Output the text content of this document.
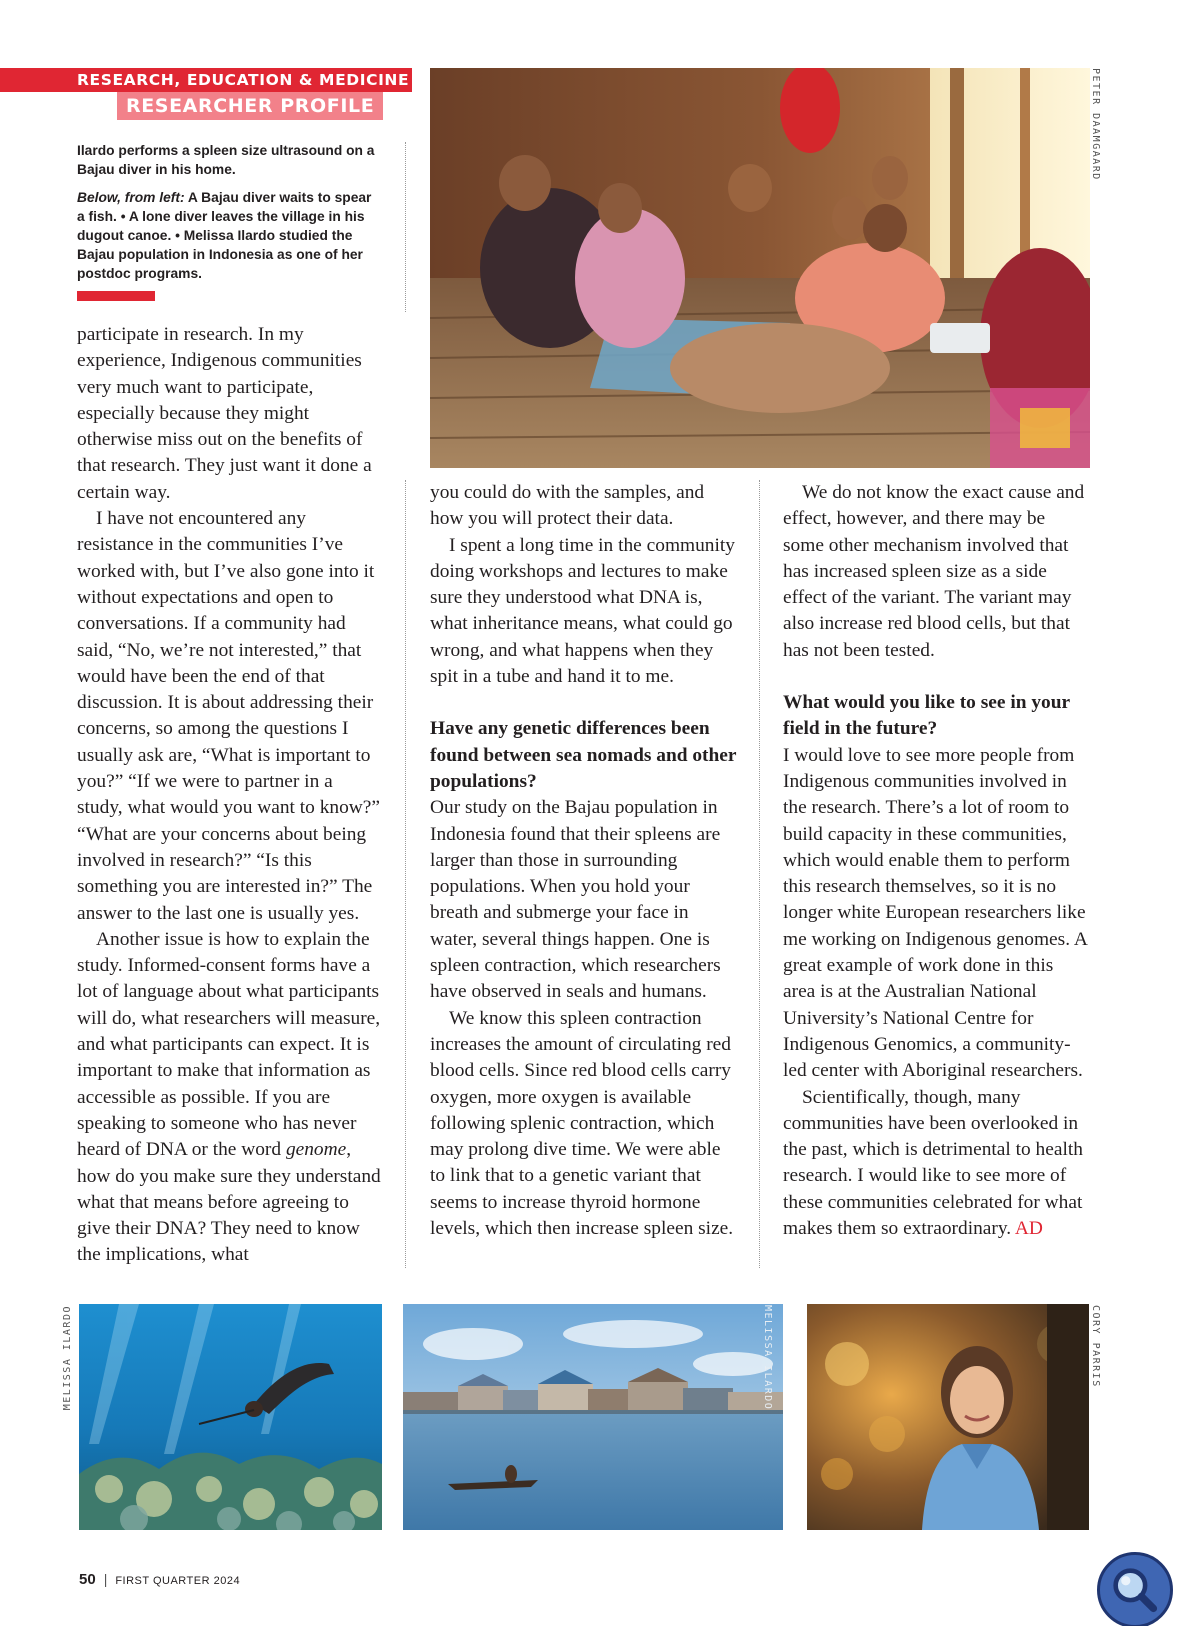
RESEARCH, EDUCATION & MEDICINE
RESEARCHER PROFILE

Ilardo performs a spleen size ultrasound on a Bajau diver in his home.

Below, from left: A Bajau diver waits to spear a fish. • A lone diver leaves the village in his dugout canoe. • Melissa Ilardo studied the Bajau population in Indonesia as one of her postdoc programs.

PETER DAAMGAARD

participate in research. In my experience, Indigenous communities very much want to participate, especially because they might otherwise miss out on the benefits of that research. They just want it done a certain way.

I have not encountered any resistance in the communities I’ve worked with, but I’ve also gone into it without expectations and open to conversations. If a community had said, “No, we’re not interested,” that would have been the end of that discussion. It is about addressing their concerns, so among the questions I usually ask are, “What is important to you?” “If we were to partner in a study, what would you want to know?” “What are your concerns about being involved in research?” “Is this something you are interested in?” The answer to the last one is usually yes.

Another issue is how to explain the study. Informed-consent forms have a lot of language about what participants will do, what researchers will measure, and what participants can expect. It is important to make that information as accessible as possible. If you are speaking to someone who has never heard of DNA or the word genome, how do you make sure they understand what that means before agreeing to give their DNA? They need to know the implications, what

you could do with the samples, and how you will protect their data.

I spent a long time in the community doing workshops and lectures to make sure they understood what DNA is, what inheritance means, what could go wrong, and what happens when they spit in a tube and hand it to me.

Have any genetic differences been found between sea nomads and other populations?

Our study on the Bajau population in Indonesia found that their spleens are larger than those in surrounding populations. When you hold your breath and submerge your face in water, several things happen. One is spleen contraction, which researchers have observed in seals and humans.

We know this spleen contraction increases the amount of circulating red blood cells. Since red blood cells carry oxygen, more oxygen is available following splenic contraction, which may prolong dive time. We were able to link that to a genetic variant that seems to increase thyroid hormone levels, which then increase spleen size.

We do not know the exact cause and effect, however, and there may be some other mechanism involved that has increased spleen size as a side effect of the variant. The variant may also increase red blood cells, but that has not been tested.

What would you like to see in your field in the future?

I would love to see more people from Indigenous communities involved in the research. There’s a lot of room to build capacity in these communities, which would enable them to perform this research themselves, so it is no longer white European researchers like me working on Indigenous genomes. A great example of work done in this area is at the Australian National University’s National Centre for Indigenous Genomics, a community-led center with Aboriginal researchers.

Scientifically, though, many communities have been overlooked in the past, which is detrimental to health research. I would like to see more of these communities celebrated for what makes them so extraordinary. AD

MELISSA ILARDO	MELISSA ILARDO	CORY PARRIS
50 | FIRST QUARTER 2024
